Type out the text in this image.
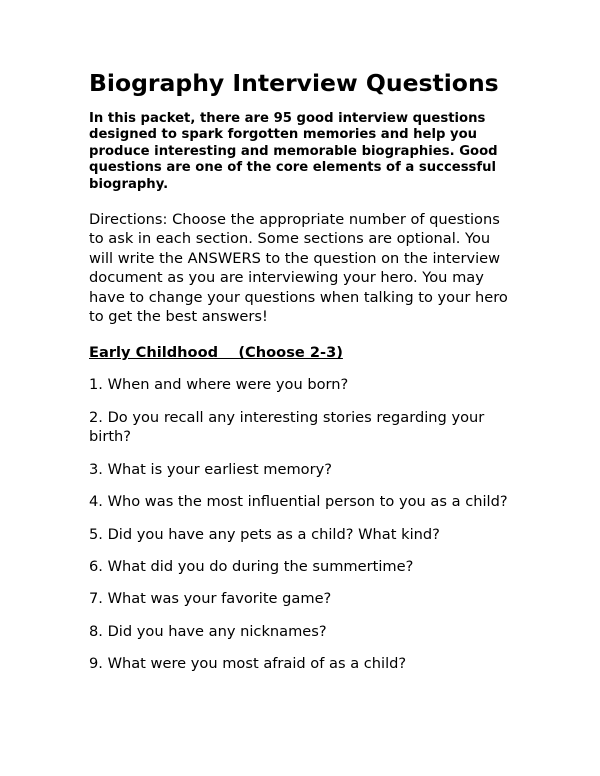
Biography Interview Questions

In this packet, there are 95 good interview questions designed to spark forgotten memories and help you produce interesting and memorable biographies. Good questions are one of the core elements of a successful biography.

Directions: Choose the appropriate number of questions to ask in each section. Some sections are optional. You will write the ANSWERS to the question on the interview document as you are interviewing your hero. You may have to change your questions when talking to your hero to get the best answers!

Early Childhood    (Choose 2-3)
1. When and where were you born?
2. Do you recall any interesting stories regarding your birth?
3. What is your earliest memory?
4. Who was the most influential person to you as a child?
5. Did you have any pets as a child? What kind?
6. What did you do during the summertime?
7. What was your favorite game?
8. Did you have any nicknames?
9. What were you most afraid of as a child?
